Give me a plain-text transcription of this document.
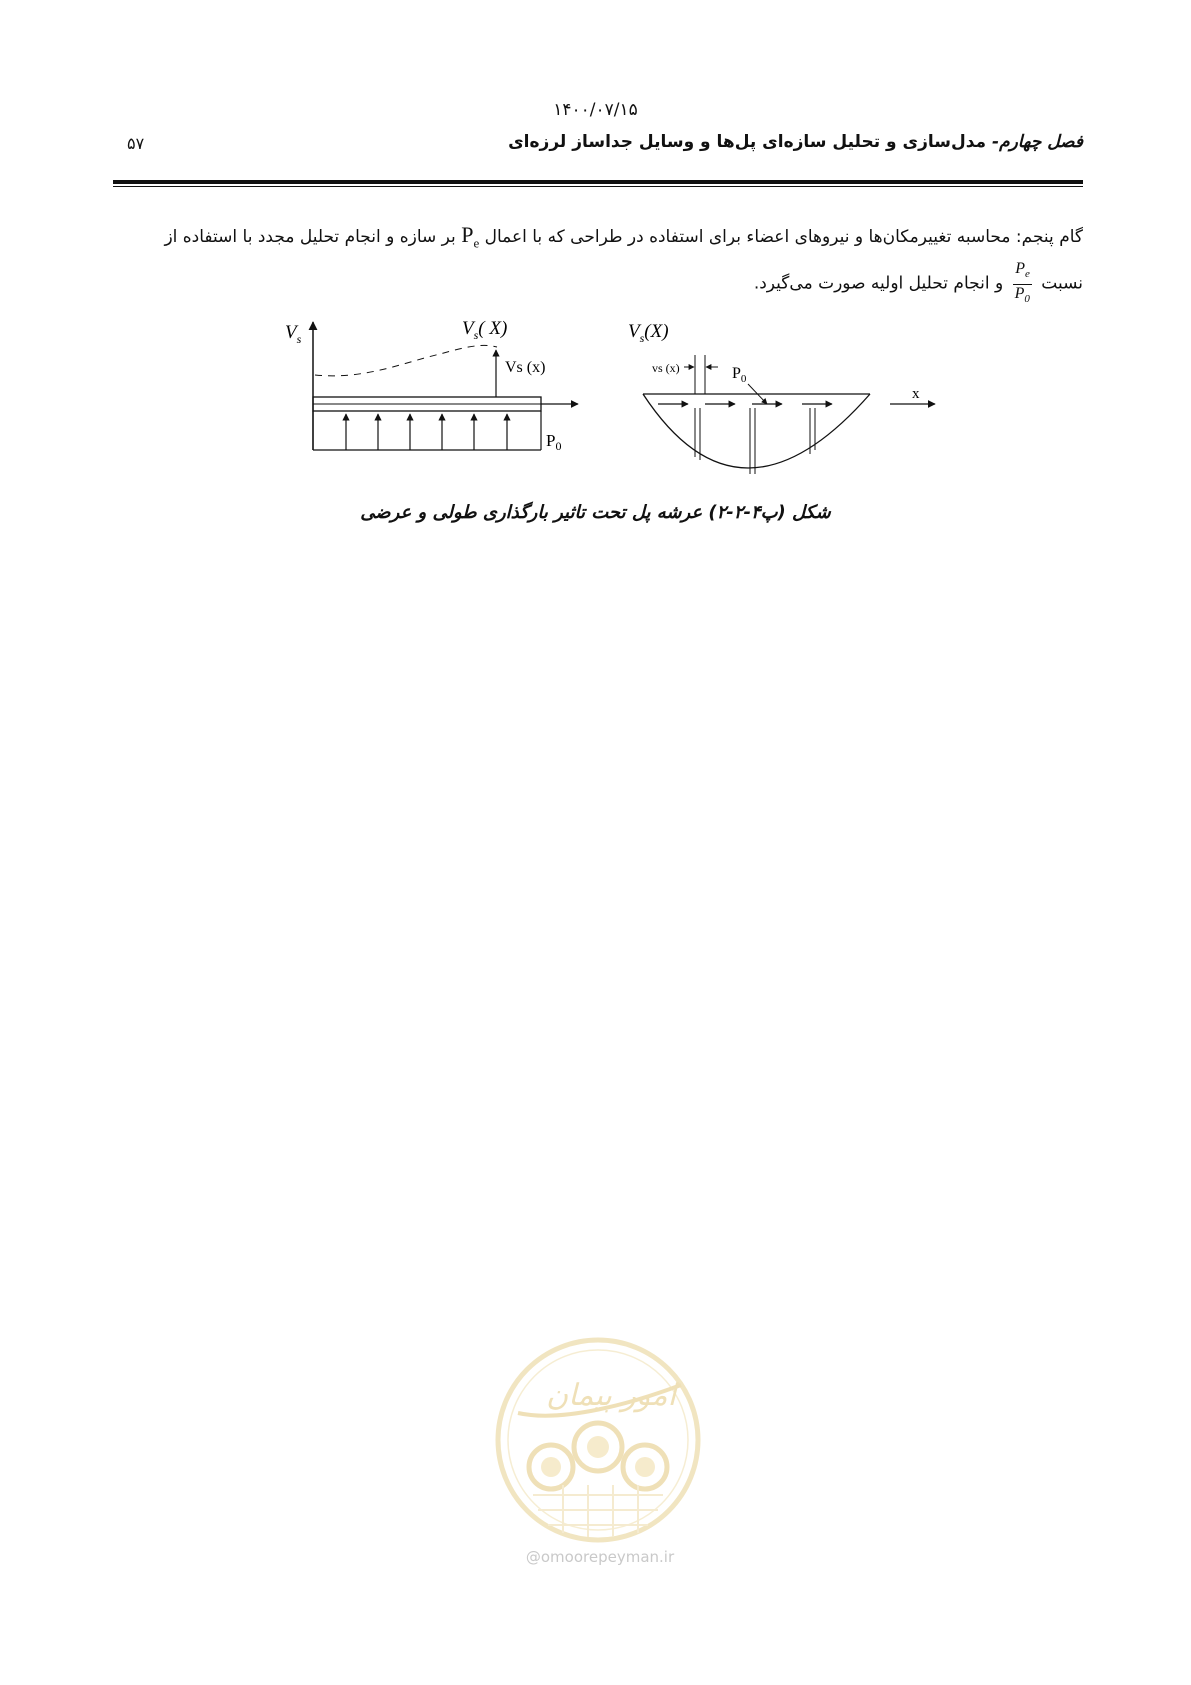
۱۴۰۰/۰۷/۱۵
فصل چهارم- مدل‌سازی و تحلیل سازه‌ای پل‌ها و وسایل جداساز لرزه‌ای
۵۷

گام پنجم: محاسبه تغییرمکان‌ها و نیروهای اعضاء برای استفاده در طراحی که با اعمال $P_e$ بر سازه و انجام تحلیل مجدد با استفاده از

نسبت
$\frac{P_e}{P_0}$
و انجام تحلیل اولیه صورت می‌گیرد.

$V_s$	$V_s$( X)
Vs (x)
$P_0$
$V_s(X)$
vs (x)	$P_0$
x
شکل (پ۴-۲-۲) عرشه پل تحت تاثیر بارگذاری طولی و عرضی
امور پیمان
@omoorepeyman.ir
